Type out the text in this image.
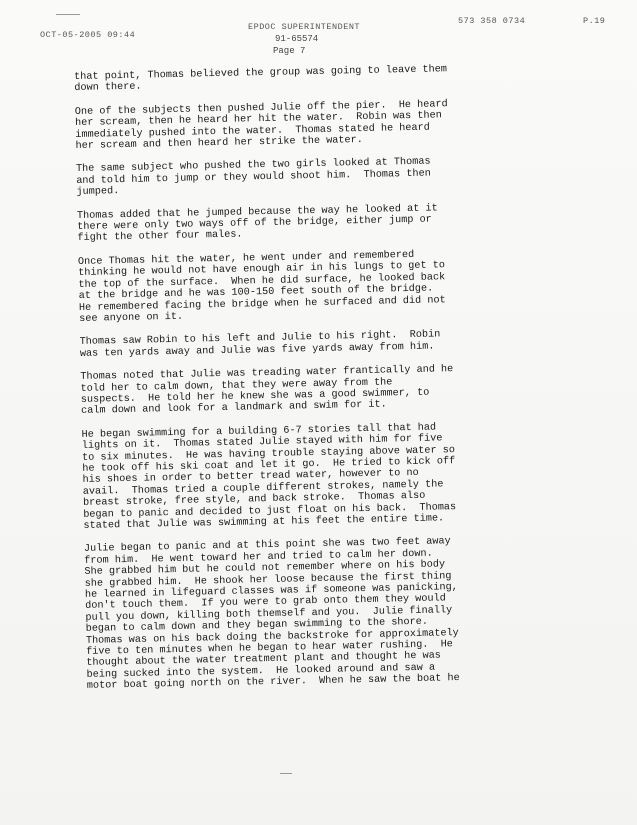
OCT-05-2005 09:44
EPDOC SUPERINTENDENT
573 358 0734	P.19
91-65574
Page 7

that point, Thomas believed the group was going to leave them
down there.

One of the subjects then pushed Julie off the pier.  He heard
her scream, then he heard her hit the water.  Robin was then
immediately pushed into the water.  Thomas stated he heard
her scream and then heard her strike the water.

The same subject who pushed the two girls looked at Thomas
and told him to jump or they would shoot him.  Thomas then
jumped.

Thomas added that he jumped because the way he looked at it
there were only two ways off of the bridge, either jump or
fight the other four males.

Once Thomas hit the water, he went under and remembered
thinking he would not have enough air in his lungs to get to
the top of the surface.  When he did surface, he looked back
at the bridge and he was 100-150 feet south of the bridge.
He remembered facing the bridge when he surfaced and did not
see anyone on it.

Thomas saw Robin to his left and Julie to his right.  Robin
was ten yards away and Julie was five yards away from him.

Thomas noted that Julie was treading water frantically and he
told her to calm down, that they were away from the
suspects.  He told her he knew she was a good swimmer, to
calm down and look for a landmark and swim for it.

He began swimming for a building 6-7 stories tall that had
lights on it.  Thomas stated Julie stayed with him for five
to six minutes.  He was having trouble staying above water so
he took off his ski coat and let it go.  He tried to kick off
his shoes in order to better tread water, however to no
avail.  Thomas tried a couple different strokes, namely the
breast stroke, free style, and back stroke.  Thomas also
began to panic and decided to just float on his back.  Thomas
stated that Julie was swimming at his feet the entire time.

Julie began to panic and at this point she was two feet away
from him.  He went toward her and tried to calm her down.
She grabbed him but he could not remember where on his body
she grabbed him.  He shook her loose because the first thing
he learned in lifeguard classes was if someone was panicking,
don't touch them.  If you were to grab onto them they would
pull you down, killing both themself and you.  Julie finally
began to calm down and they began swimming to the shore.
Thomas was on his back doing the backstroke for approximately
five to ten minutes when he began to hear water rushing.  He
thought about the water treatment plant and thought he was
being sucked into the system.  He looked around and saw a
motor boat going north on the river.  When he saw the boat he
